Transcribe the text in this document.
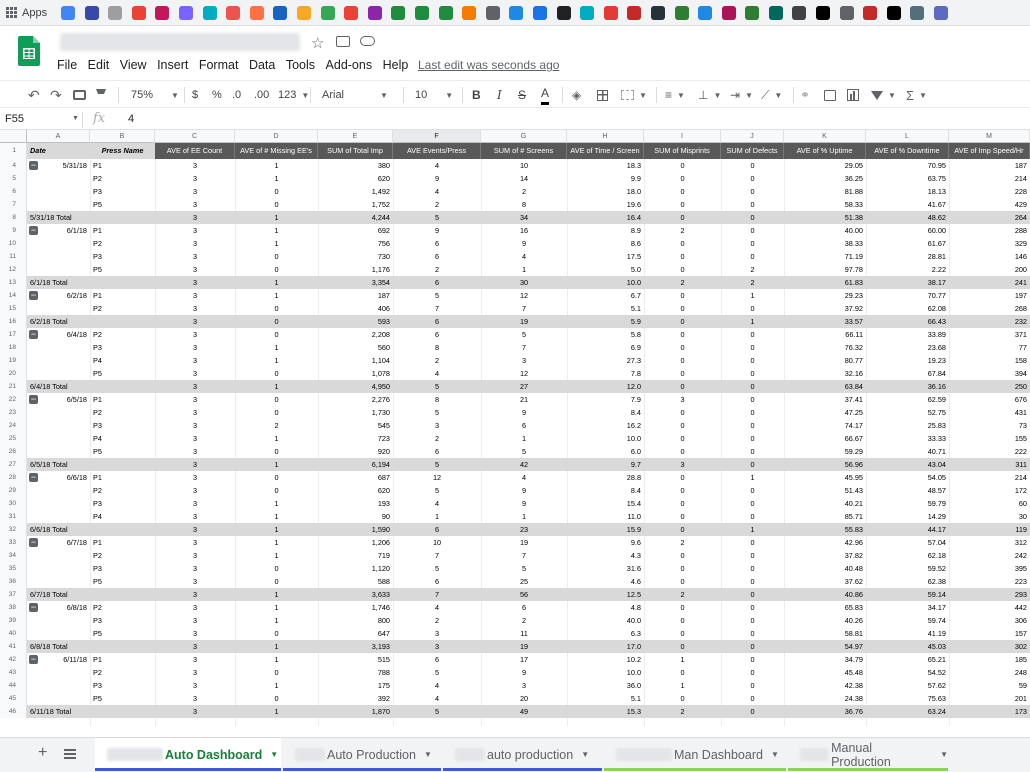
Apps
☆
File Edit View Insert Format Data Tools Add-ons Help Last edit was seconds ago
↶ ↷	75% ▼ $ % .0 .00 123 ▼ Arial	▼ 10 ▼ B I S A ◈	▼ ≡ ▼ ⊥ ▼ ⇥ ▼ ⟋ ▼ ⚭	▼ Σ ▼
F55	▼ fx 4
A	B	C	D	E	F	G	H	I	J	K	L	M
1	Date	Press Name	AVE of EE Count	AVE of # Missing EE's	SUM of Total Imp	AVE Events/Press	SUM of # Screens	AVE of Time / Screen	SUM of Misprints	SUM of Defects	AVE of % Uptime	AVE of % Downtime	AVE of Imp Speed/Hr
4	−	5/31/18 P1	3	1	380	4	10	18.3	0	0	29.05	70.95	187
5	P2	3	1	620	9	14	9.9	0	0	36.25	63.75	214
6	P3	3	0	1,492	4	2	18.0	0	0	81.88	18.13	228
7	P5	3	0	1,752	2	8	19.6	0	0	58.33	41.67	429
8	5/31/18 Total	3	1	4,244	5	34	16.4	0	0	51.38	48.62	264
9	−	6/1/18 P1	3	1	692	9	16	8.9	2	0	40.00	60.00	288
10	P2	3	1	756	6	9	8.6	0	0	38.33	61.67	329
11	P3	3	0	730	6	4	17.5	0	0	71.19	28.81	146
12	P5	3	0	1,176	2	1	5.0	0	2	97.78	2.22	200
13	6/1/18 Total	3	1	3,354	6	30	10.0	2	2	61.83	38.17	241
14	−	6/2/18 P1	3	1	187	5	12	6.7	0	1	29.23	70.77	197
15	P2	3	0	406	7	7	5.1	0	0	37.92	62.08	268
16	6/2/18 Total	3	0	593	6	19	5.9	0	1	33.57	66.43	232
17	−	6/4/18 P2	3	0	2,208	6	5	5.8	0	0	66.11	33.89	371
18	P3	3	1	560	8	7	6.9	0	0	76.32	23.68	77
19	P4	3	1	1,104	2	3	27.3	0	0	80.77	19.23	158
20	P5	3	0	1,078	4	12	7.8	0	0	32.16	67.84	394
21	6/4/18 Total	3	1	4,950	5	27	12.0	0	0	63.84	36.16	250
22	−	6/5/18 P1	3	0	2,276	8	21	7.9	3	0	37.41	62.59	676
23	P2	3	0	1,730	5	9	8.4	0	0	47.25	52.75	431
24	P3	3	2	545	3	6	16.2	0	0	74.17	25.83	73
25	P4	3	1	723	2	1	10.0	0	0	66.67	33.33	155
26	P5	3	0	920	6	5	6.0	0	0	59.29	40.71	222
27	6/5/18 Total	3	1	6,194	5	42	9.7	3	0	56.96	43.04	311
28	−	6/6/18 P1	3	0	687	12	4	28.8	0	1	45.95	54.05	214
29	P2	3	0	620	5	9	8.4	0	0	51.43	48.57	172
30	P3	3	1	193	4	9	15.4	0	0	40.21	59.79	60
31	P4	3	1	90	1	1	11.0	0	0	85.71	14.29	30
32	6/6/18 Total	3	1	1,590	6	23	15.9	0	1	55.83	44.17	119
33	−	6/7/18 P1	3	1	1,206	10	19	9.6	2	0	42.96	57.04	312
34	P2	3	1	719	7	7	4.3	0	0	37.82	62.18	242
35	P3	3	0	1,120	5	5	31.6	0	0	40.48	59.52	395
36	P5	3	0	588	6	25	4.6	0	0	37.62	62.38	223
37	6/7/18 Total	3	1	3,633	7	56	12.5	2	0	40.86	59.14	293
38	−	6/8/18 P2	3	1	1,746	4	6	4.8	0	0	65.83	34.17	442
39	P3	3	1	800	2	2	40.0	0	0	40.26	59.74	306
40	P5	3	0	647	3	11	6.3	0	0	58.81	41.19	157
41	6/8/18 Total	3	1	3,193	3	19	17.0	0	0	54.97	45.03	302
42	−	6/11/18 P1	3	1	515	6	17	10.2	1	0	34.79	65.21	185
43	P2	3	0	788	5	9	10.0	0	0	45.48	54.52	248
44	P3	3	1	175	4	3	36.0	1	0	42.38	57.62	59
45	P5	3	0	392	4	20	5.1	0	0	24.38	75.63	201
46	6/11/18 Total	3	1	1,870	5	49	15.3	2	0	36.76	63.24	173
+	Auto Dashboard ▼	Auto Production ▼	auto production ▼	Man Dashboard ▼	Manual Production	▼
